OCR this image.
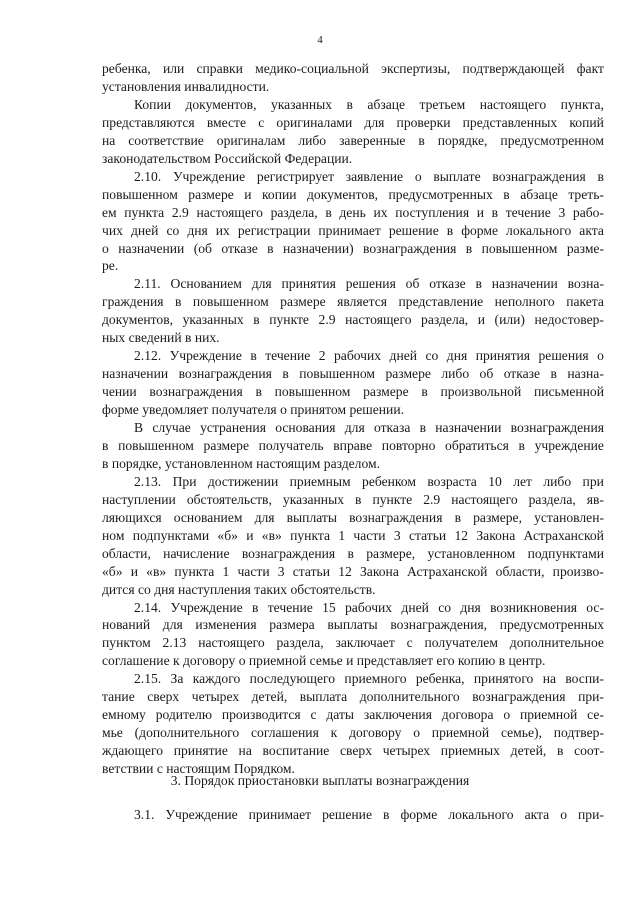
4
ребенка, или справки медико-социальной экспертизы, подтверждающей факт
установления инвалидности.
Копии документов, указанных в абзаце третьем настоящего пункта,
представляются вместе с оригиналами для проверки представленных копий
на соответствие оригиналам либо заверенные в порядке, предусмотренном
законодательством Российской Федерации.
2.10. Учреждение регистрирует заявление о выплате вознаграждения в
повышенном размере и копии документов, предусмотренных в абзаце треть-
ем пункта 2.9 настоящего раздела, в день их поступления и в течение 3 рабо-
чих дней со дня их регистрации принимает решение в форме локального акта
о назначении (об отказе в назначении) вознаграждения в повышенном разме-
ре.
2.11. Основанием для принятия решения об отказе в назначении возна-
граждения в повышенном размере является представление неполного пакета
документов, указанных в пункте 2.9 настоящего раздела, и (или) недостовер-
ных сведений в них.
2.12. Учреждение в течение 2 рабочих дней со дня принятия решения о
назначении вознаграждения в повышенном размере либо об отказе в назна-
чении вознаграждения в повышенном размере в произвольной письменной
форме уведомляет получателя о принятом решении.
В случае устранения основания для отказа в назначении вознаграждения
в повышенном размере получатель вправе повторно обратиться в учреждение
в порядке, установленном настоящим разделом.
2.13. При достижении приемным ребенком возраста 10 лет либо при
наступлении обстоятельств, указанных в пункте 2.9 настоящего раздела, яв-
ляющихся основанием для выплаты вознаграждения в размере, установлен-
ном подпунктами «б» и «в» пункта 1 части 3 статьи 12 Закона Астраханской
области, начисление вознаграждения в размере, установленном подпунктами
«б» и «в» пункта 1 части 3 статьи 12 Закона Астраханской области, произво-
дится со дня наступления таких обстоятельств.
2.14. Учреждение в течение 15 рабочих дней со дня возникновения ос-
нований для изменения размера выплаты вознаграждения, предусмотренных
пунктом 2.13 настоящего раздела, заключает с получателем дополнительное
соглашение к договору о приемной семье и представляет его копию в центр.
2.15. За каждого последующего приемного ребенка, принятого на воспи-
тание сверх четырех детей, выплата дополнительного вознаграждения при-
емному родителю производится с даты заключения договора о приемной се-
мье (дополнительного соглашения к договору о приемной семье), подтвер-
ждающего принятие на воспитание сверх четырех приемных детей, в соот-
ветствии с настоящим Порядком.
3. Порядок приостановки выплаты вознаграждения
3.1. Учреждение принимает решение в форме локального акта о при-
